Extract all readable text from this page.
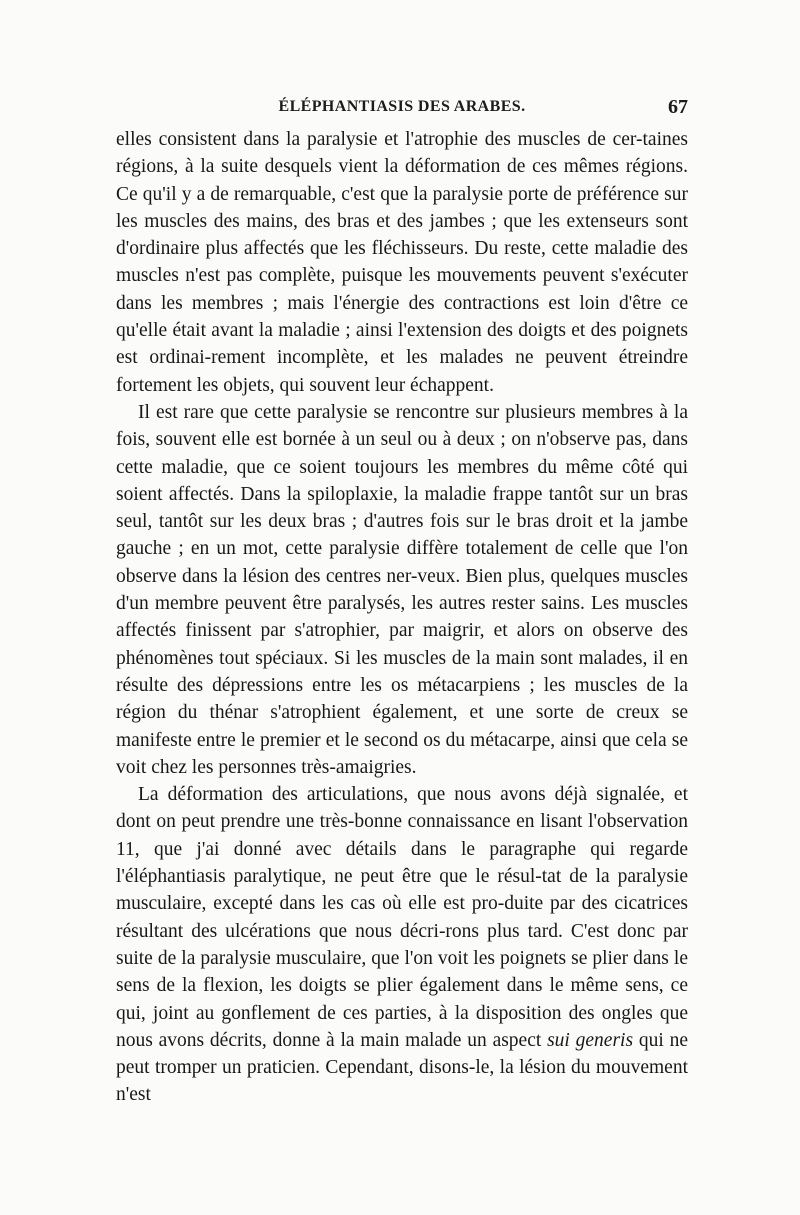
ÉLÉPHANTIASIS DES ARABES.	67

elles consistent dans la paralysie et l'atrophie des muscles de cer-taines régions, à la suite desquels vient la déformation de ces mêmes régions. Ce qu'il y a de remarquable, c'est que la paralysie porte de préférence sur les muscles des mains, des bras et des jambes ; que les extenseurs sont d'ordinaire plus affectés que les fléchisseurs. Du reste, cette maladie des muscles n'est pas complète, puisque les mouvements peuvent s'exécuter dans les membres ; mais l'énergie des contractions est loin d'être ce qu'elle était avant la maladie ; ainsi l'extension des doigts et des poignets est ordinai-rement incomplète, et les malades ne peuvent étreindre fortement les objets, qui souvent leur échappent.

Il est rare que cette paralysie se rencontre sur plusieurs membres à la fois, souvent elle est bornée à un seul ou à deux ; on n'observe pas, dans cette maladie, que ce soient toujours les membres du même côté qui soient affectés. Dans la spiloplaxie, la maladie frappe tantôt sur un bras seul, tantôt sur les deux bras ; d'autres fois sur le bras droit et la jambe gauche ; en un mot, cette paralysie diffère totalement de celle que l'on observe dans la lésion des centres ner-veux. Bien plus, quelques muscles d'un membre peuvent être paralysés, les autres rester sains. Les muscles affectés finissent par s'atrophier, par maigrir, et alors on observe des phénomènes tout spéciaux. Si les muscles de la main sont malades, il en résulte des dépressions entre les os métacarpiens ; les muscles de la région du thénar s'atrophient également, et une sorte de creux se manifeste entre le premier et le second os du métacarpe, ainsi que cela se voit chez les personnes très-amaigries.

La déformation des articulations, que nous avons déjà signalée, et dont on peut prendre une très-bonne connaissance en lisant l'observation 11, que j'ai donné avec détails dans le paragraphe qui regarde l'éléphantiasis paralytique, ne peut être que le résul-tat de la paralysie musculaire, excepté dans les cas où elle est pro-duite par des cicatrices résultant des ulcérations que nous décri-rons plus tard. C'est donc par suite de la paralysie musculaire, que l'on voit les poignets se plier dans le sens de la flexion, les doigts se plier également dans le même sens, ce qui, joint au gonflement de ces parties, à la disposition des ongles que nous avons décrits, donne à la main malade un aspect sui generis qui ne peut tromper un praticien. Cependant, disons-le, la lésion du mouvement n'est
